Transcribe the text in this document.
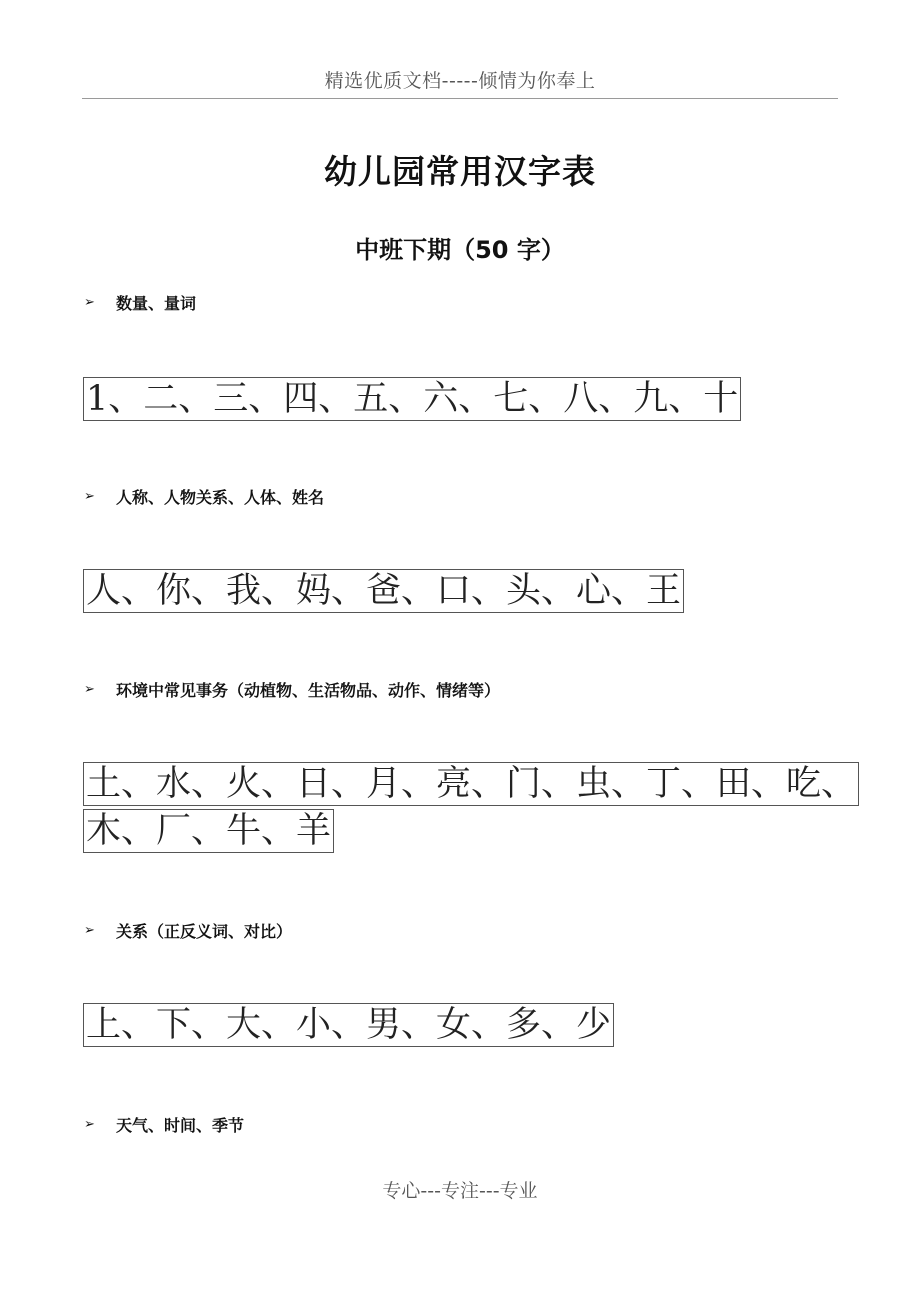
精选优质文档-----倾情为你奉上
幼儿园常用汉字表
中班下期（50 字）
➢	数量、量词
1、二、三、四、五、六、七、八、九、十
➢	人称、人物关系、人体、姓名
人、你、我、妈、爸、口、头、心、王
➢	环境中常见事务（动植物、生活物品、动作、情绪等）
土、水、火、日、月、亮、门、虫、丁、田、吃、
木、厂、牛、羊
➢	关系（正反义词、对比）
上、下、大、小、男、女、多、少
➢	天气、时间、季节
专心---专注---专业
